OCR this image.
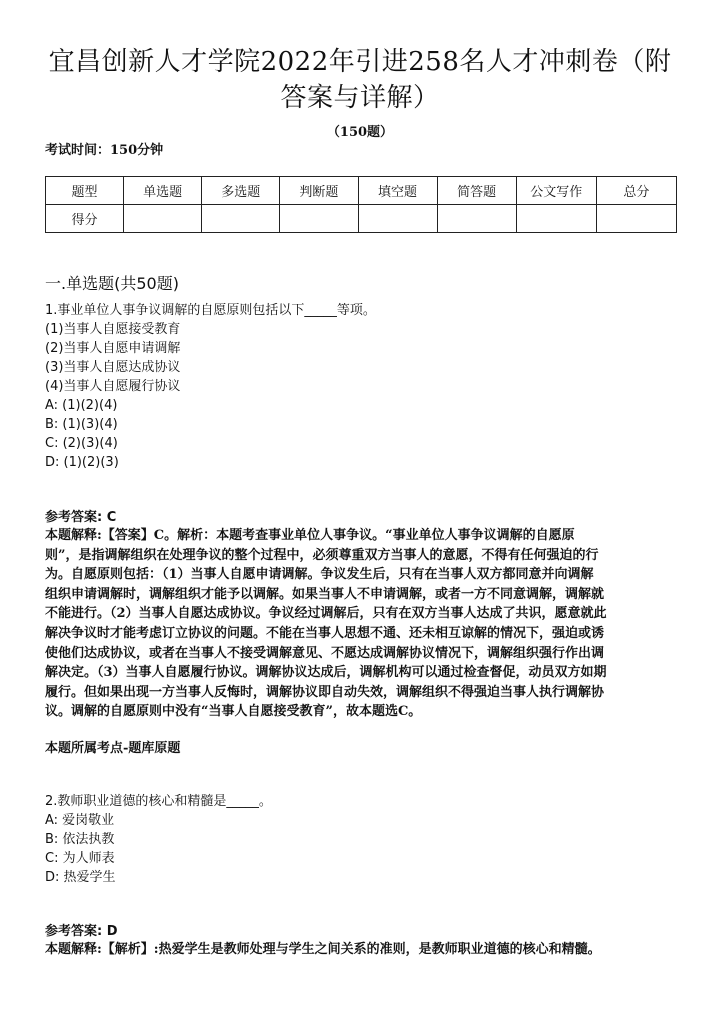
宜昌创新人才学院2022年引进258名人才冲刺卷（附
答案与详解）
（150题）
考试时间：150分钟
题型	单选题	多选题	判断题	填空题	简答题	公文写作	总分
得分							
一.单选题(共50题)
1.事业单位人事争议调解的自愿原则包括以下_____等项。
(1)当事人自愿接受教育
(2)当事人自愿申请调解
(3)当事人自愿达成协议
(4)当事人自愿履行协议
A: (1)(2)(4)
B: (1)(3)(4)
C: (2)(3)(4)
D: (1)(2)(3)
参考答案: C
本题解释:【答案】C。解析：本题考查事业单位人事争议。“事业单位人事争议调解的自愿原
则”，是指调解组织在处理争议的整个过程中，必须尊重双方当事人的意愿，不得有任何强迫的行
为。自愿原则包括：（1）当事人自愿申请调解。争议发生后，只有在当事人双方都同意并向调解
组织申请调解时，调解组织才能予以调解。如果当事人不申请调解，或者一方不同意调解，调解就
不能进行。（2）当事人自愿达成协议。争议经过调解后，只有在双方当事人达成了共识，愿意就此
解决争议时才能考虑订立协议的问题。不能在当事人思想不通、还未相互谅解的情况下，强迫或诱
使他们达成协议，或者在当事人不接受调解意见、不愿达成调解协议情况下，调解组织强行作出调
解决定。（3）当事人自愿履行协议。调解协议达成后，调解机构可以通过检查督促，动员双方如期
履行。但如果出现一方当事人反悔时，调解协议即自动失效，调解组织不得强迫当事人执行调解协
议。调解的自愿原则中没有“当事人自愿接受教育”，故本题选C。
本题所属考点-题库原题
2.教师职业道德的核心和精髓是_____。
A: 爱岗敬业
B: 依法执教
C: 为人师表
D: 热爱学生
参考答案: D
本题解释:【解析】:热爱学生是教师处理与学生之间关系的准则，是教师职业道德的核心和精髓。
